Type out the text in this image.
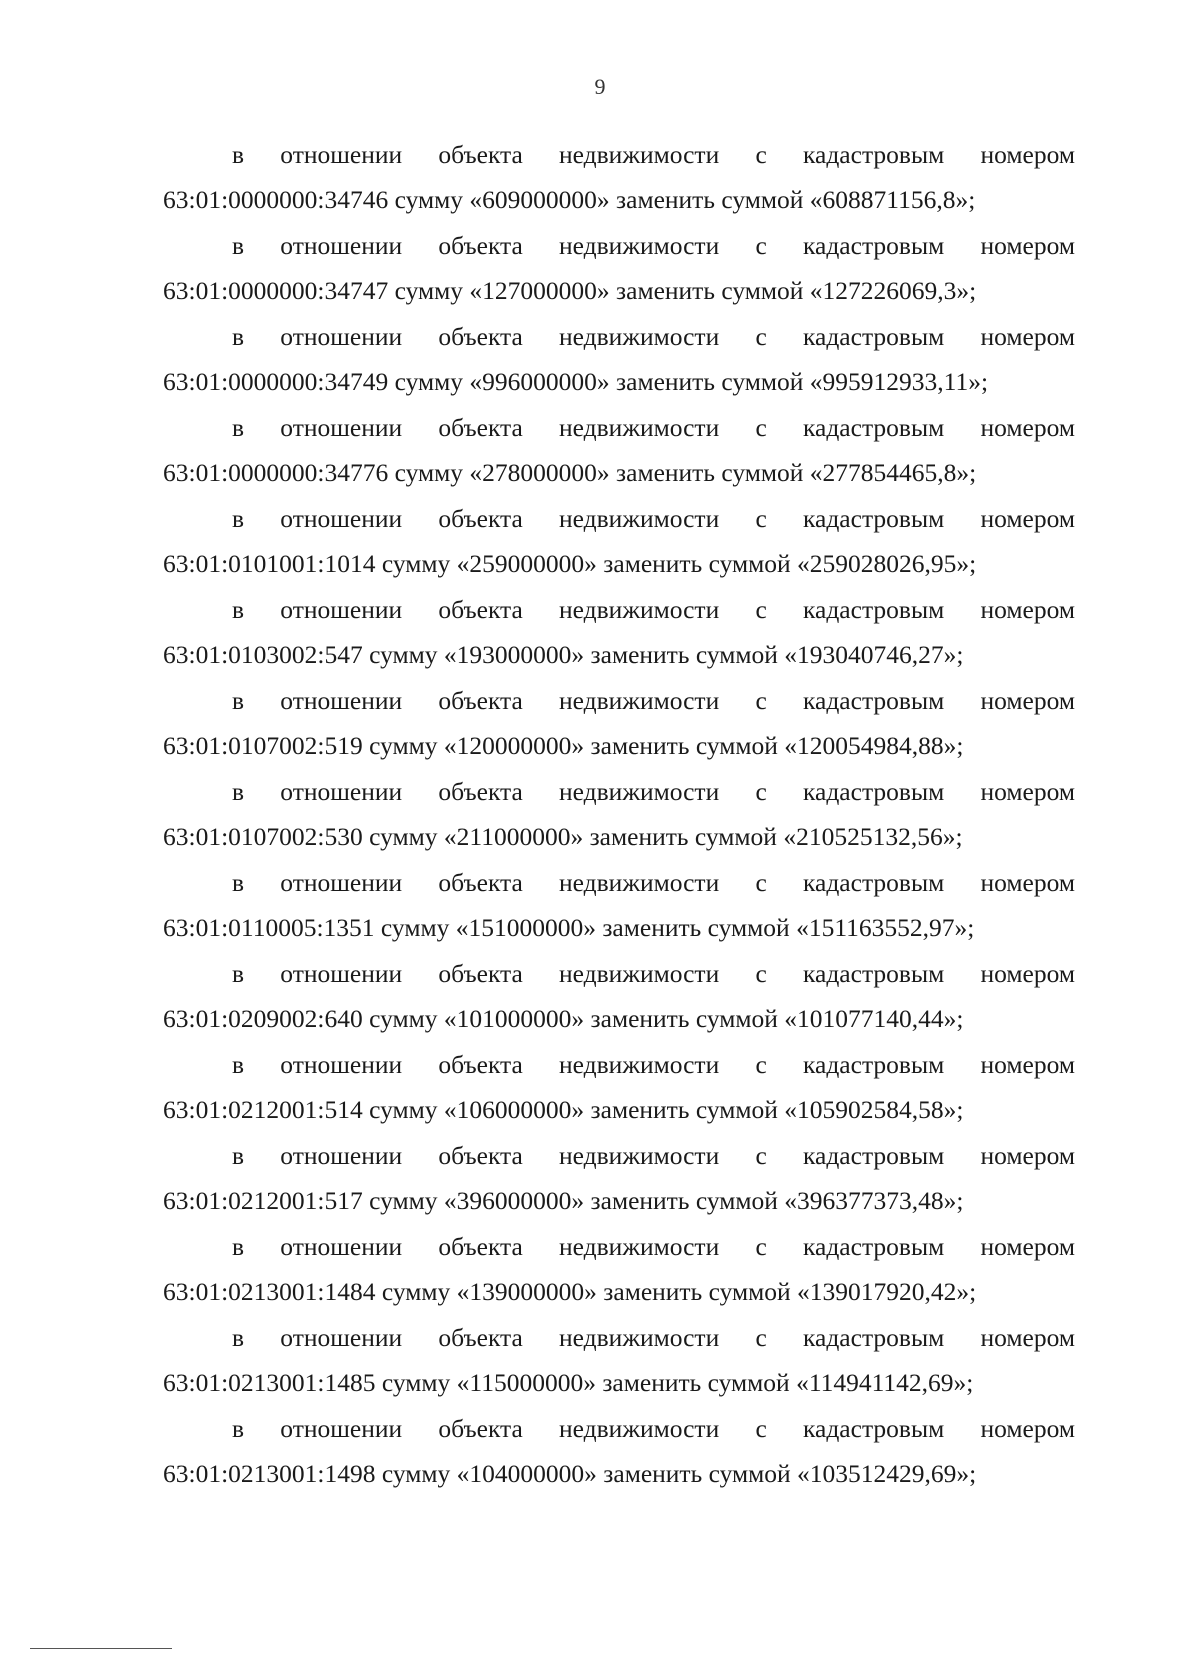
9
в отношении объекта недвижимости с кадастровым номером
63:01:0000000:34746 сумму «609000000» заменить суммой «608871156,8»;
в отношении объекта недвижимости с кадастровым номером
63:01:0000000:34747 сумму «127000000» заменить суммой «127226069,3»;
в отношении объекта недвижимости с кадастровым номером
63:01:0000000:34749 сумму «996000000» заменить суммой «995912933,11»;
в отношении объекта недвижимости с кадастровым номером
63:01:0000000:34776 сумму «278000000» заменить суммой «277854465,8»;
в отношении объекта недвижимости с кадастровым номером
63:01:0101001:1014 сумму «259000000» заменить суммой «259028026,95»;
в отношении объекта недвижимости с кадастровым номером
63:01:0103002:547 сумму «193000000» заменить суммой «193040746,27»;
в отношении объекта недвижимости с кадастровым номером
63:01:0107002:519 сумму «120000000» заменить суммой «120054984,88»;
в отношении объекта недвижимости с кадастровым номером
63:01:0107002:530 сумму «211000000» заменить суммой «210525132,56»;
в отношении объекта недвижимости с кадастровым номером
63:01:0110005:1351 сумму «151000000» заменить суммой «151163552,97»;
в отношении объекта недвижимости с кадастровым номером
63:01:0209002:640 сумму «101000000» заменить суммой «101077140,44»;
в отношении объекта недвижимости с кадастровым номером
63:01:0212001:514 сумму «106000000» заменить суммой «105902584,58»;
в отношении объекта недвижимости с кадастровым номером
63:01:0212001:517 сумму «396000000» заменить суммой «396377373,48»;
в отношении объекта недвижимости с кадастровым номером
63:01:0213001:1484 сумму «139000000» заменить суммой «139017920,42»;
в отношении объекта недвижимости с кадастровым номером
63:01:0213001:1485 сумму «115000000» заменить суммой «114941142,69»;
в отношении объекта недвижимости с кадастровым номером
63:01:0213001:1498 сумму «104000000» заменить суммой «103512429,69»;
